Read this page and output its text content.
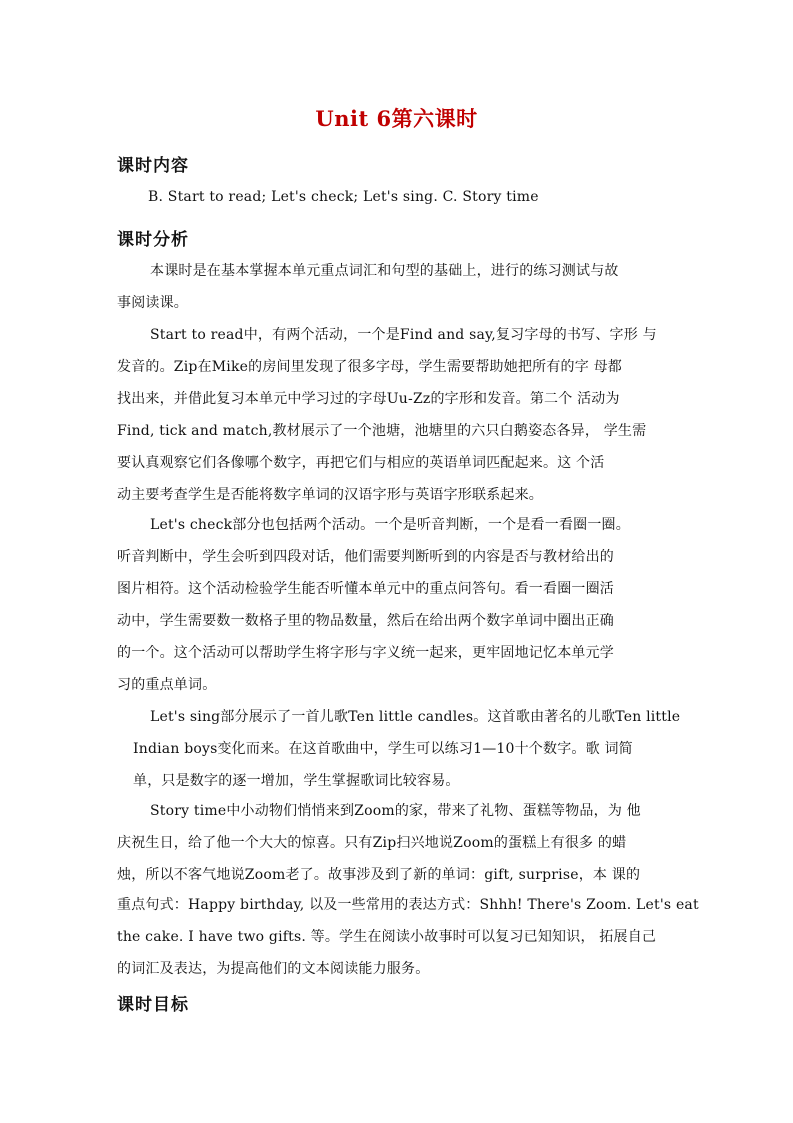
Unit 6第六课时
课时内容
B. Start to read; Let's check; Let's sing. C. Story time
课时分析
本课时是在基本掌握本单元重点词汇和句型的基础上，进行的练习测试与故
事阅读课。
Start to read中，有两个活动，一个是Find and say,复习字母的书写、字形 与
发音的。Zip在Mike的房间里发现了很多字母，学生需要帮助她把所有的字 母都
找出来，并借此复习本单元中学习过的字母Uu-Zz的字形和发音。第二个 活动为
Find, tick and match,教材展示了一个池塘，池塘里的六只白鹅姿态各异， 学生需
要认真观察它们各像哪个数字，再把它们与相应的英语单词匹配起来。这 个活
动主要考查学生是否能将数字单词的汉语字形与英语字形联系起来。
Let's check部分也包括两个活动。一个是听音判断，一个是看一看圈一圈。
听音判断中，学生会听到四段对话，他们需要判断听到的内容是否与教材给出的
图片相符。这个活动检验学生能否听懂本单元中的重点问答句。看一看圈一圈活
动中，学生需要数一数格子里的物品数量，然后在给出两个数字单词中圈出正确
的一个。这个活动可以帮助学生将字形与字义统一起来，更牢固地记忆本单元学
习的重点单词。
Let's sing部分展示了一首儿歌Ten little candles。这首歌由著名的儿歌Ten little
Indian boys变化而来。在这首歌曲中，学生可以练习1—10十个数字。歌 词简
单，只是数字的逐一增加，学生掌握歌词比较容易。
Story time中小动物们悄悄来到Zoom的家，带来了礼物、蛋糕等物品，为 他
庆祝生日，给了他一个大大的惊喜。只有Zip扫兴地说Zoom的蛋糕上有很多 的蜡
烛，所以不客气地说Zoom老了。故事涉及到了新的单词：gift, surprise，本 课的
重点句式：Happy birthday, 以及一些常用的表达方式：Shhh! There's Zoom. Let's eat
the cake. I have two gifts. 等。学生在阅读小故事时可以复习已知知识， 拓展自己
的词汇及表达，为提高他们的文本阅读能力服务。
课时目标
